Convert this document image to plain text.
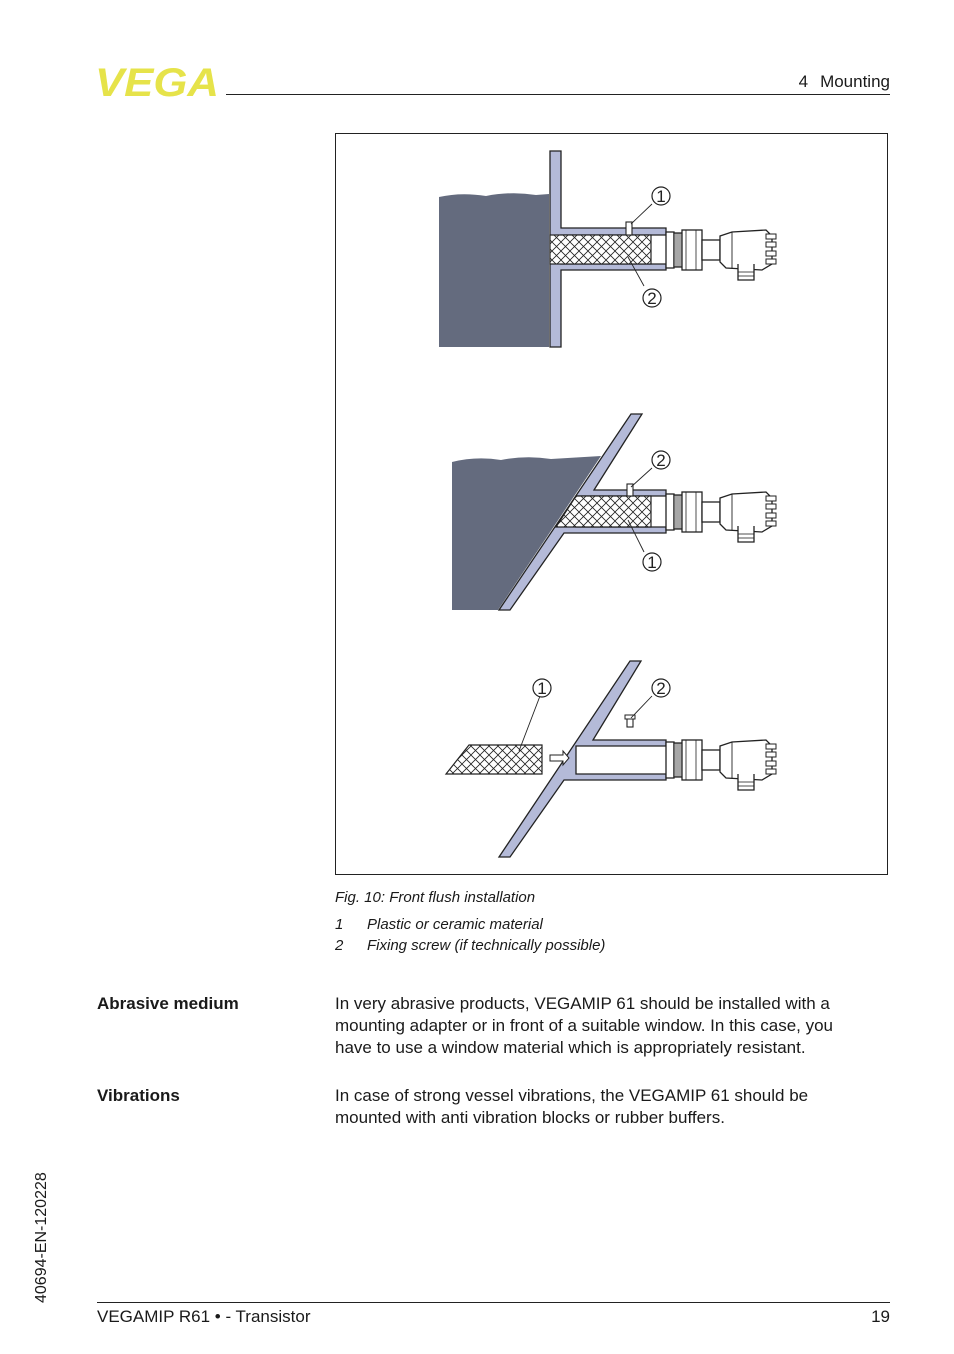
VEGA	4 Mounting
1
2
2
1
1	2
Fig. 10: Front flush installation
1 Plastic or ceramic material
2 Fixing screw (if technically possible)
Abrasive medium	In very abrasive products, VEGAMIP 61 should be installed with a
mounting adapter or in front of a suitable window. In this case, you
have to use a window material which is appropriately resistant.
Vibrations	In case of strong vessel vibrations, the VEGAMIP 61 should be
mounted with anti vibration blocks or rubber buffers.
40694-EN-120228
VEGAMIP R61 • - Transistor	19
